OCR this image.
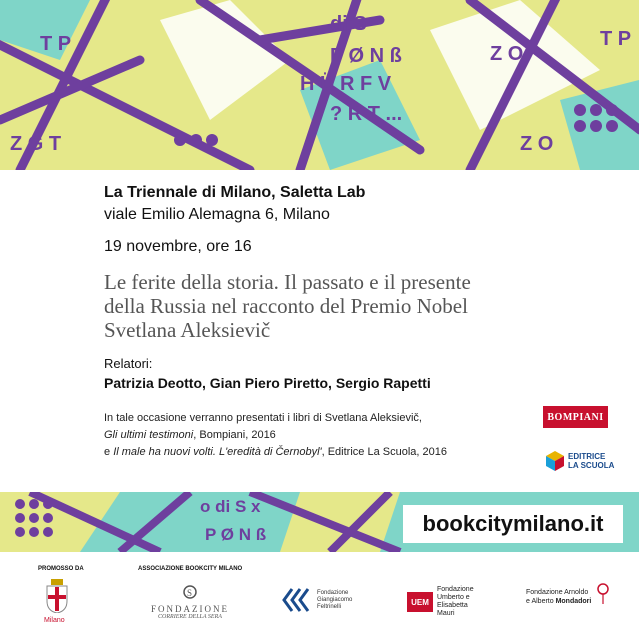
di S
P Ø N ß
H Ü R F V
? R T ...
Z G T
T P	Z O
Z O
T P
La Triennale di Milano, Saletta Lab
viale Emilio Alemagna 6, Milano
19 novembre, ore 16
Le ferite della storia. Il passato e il presente
della Russia nel racconto del Premio Nobel
Svetlana Aleksievič
Relatori:
Patrizia Deotto, Gian Piero Piretto, Sergio Rapetti
In tale occasione verranno presentati i libri di Svetlana Aleksievič,
Gli ultimi testimoni, Bompiani, 2016
e Il male ha nuovi volti. L'eredità di Černobyl', Editrice La Scuola, 2016
BOMPIANI
EDITRICE
LA SCUOLA
o di S x
P Ø N ß	bookcitymilano.it
PROMOSSO DA
Milano
ASSOCIAZIONE BOOKCITY MILANO
S
FONDAZIONE
CORRIERE DELLA SERA
Fondazione
Giangiacomo
Feltrinelli	UEM
Fondazione
Umberto e
Elisabetta
Mauri
Fondazione Arnoldo
e Alberto Mondadori
